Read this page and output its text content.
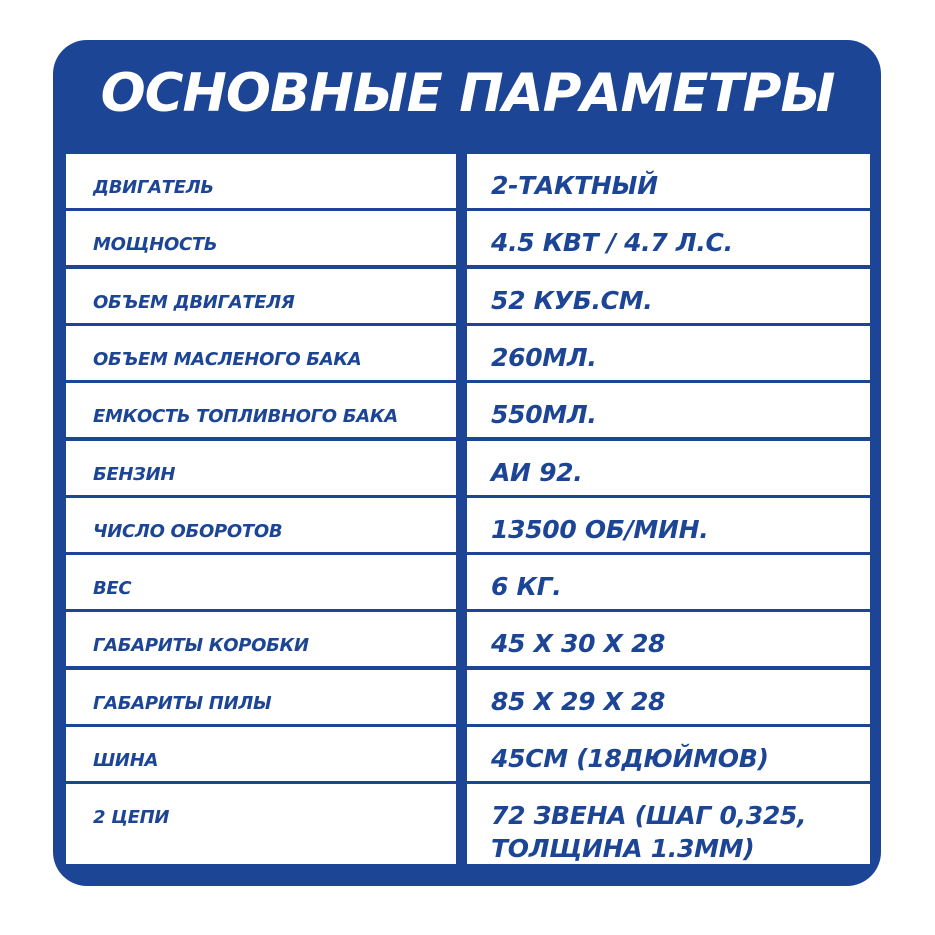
ОСНОВНЫЕ ПАРАМЕТРЫ
ДВИГАТЕЛЬ	2-ТАКТНЫЙ
МОЩНОСТЬ	4.5 КВТ / 4.7 Л.С.
ОБЪЕМ ДВИГАТЕЛЯ	52 КУБ.СМ.
ОБЪЕМ МАСЛЕНОГО БАКА	260МЛ.
ЕМКОСТЬ ТОПЛИВНОГО БАКА	550МЛ.
БЕНЗИН	АИ 92.
ЧИСЛО ОБОРОТОВ	13500 ОБ/МИН.
ВЕС	6 КГ.
ГАБАРИТЫ КОРОБКИ	45 Х 30 Х 28
ГАБАРИТЫ ПИЛЫ	85 Х 29 Х 28
ШИНА	45СМ (18ДЮЙМОВ)
2 ЦЕПИ	72 ЗВЕНА (ШАГ 0,325,
ТОЛЩИНА 1.3ММ)
